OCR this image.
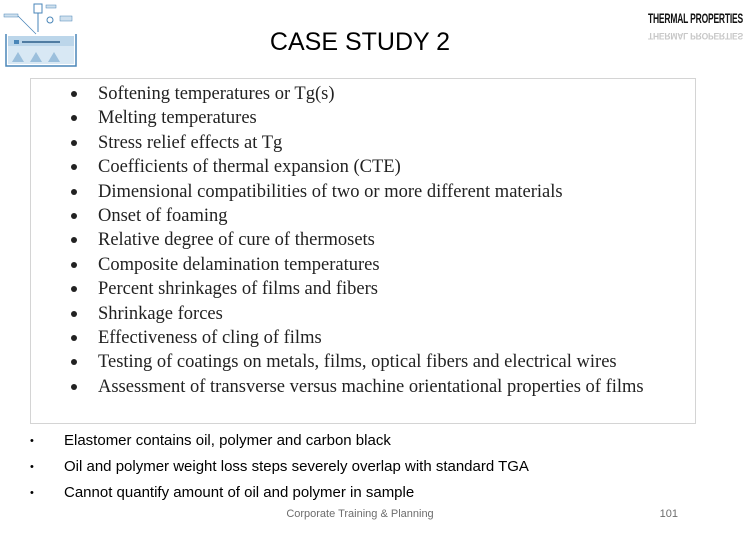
THERMAL PROPERTIES
THERMAL PROPERTIES
CASE STUDY 2
Softening temperatures or Tg(s)
Melting temperatures
Stress relief effects at Tg
Coefficients of thermal expansion (CTE)
Dimensional compatibilities of two or more different materials
Onset of foaming
Relative degree of cure of thermosets
Composite delamination temperatures
Percent shrinkages of films and fibers
Shrinkage forces
Effectiveness of cling of films
Testing of coatings on metals, films, optical fibers and electrical wires
Assessment of transverse versus machine orientational properties of films
• Elastomer contains oil, polymer and carbon black
• Oil and polymer weight loss steps severely overlap with standard TGA
• Cannot quantify amount of oil and polymer in sample
Corporate Training & Planning	101
